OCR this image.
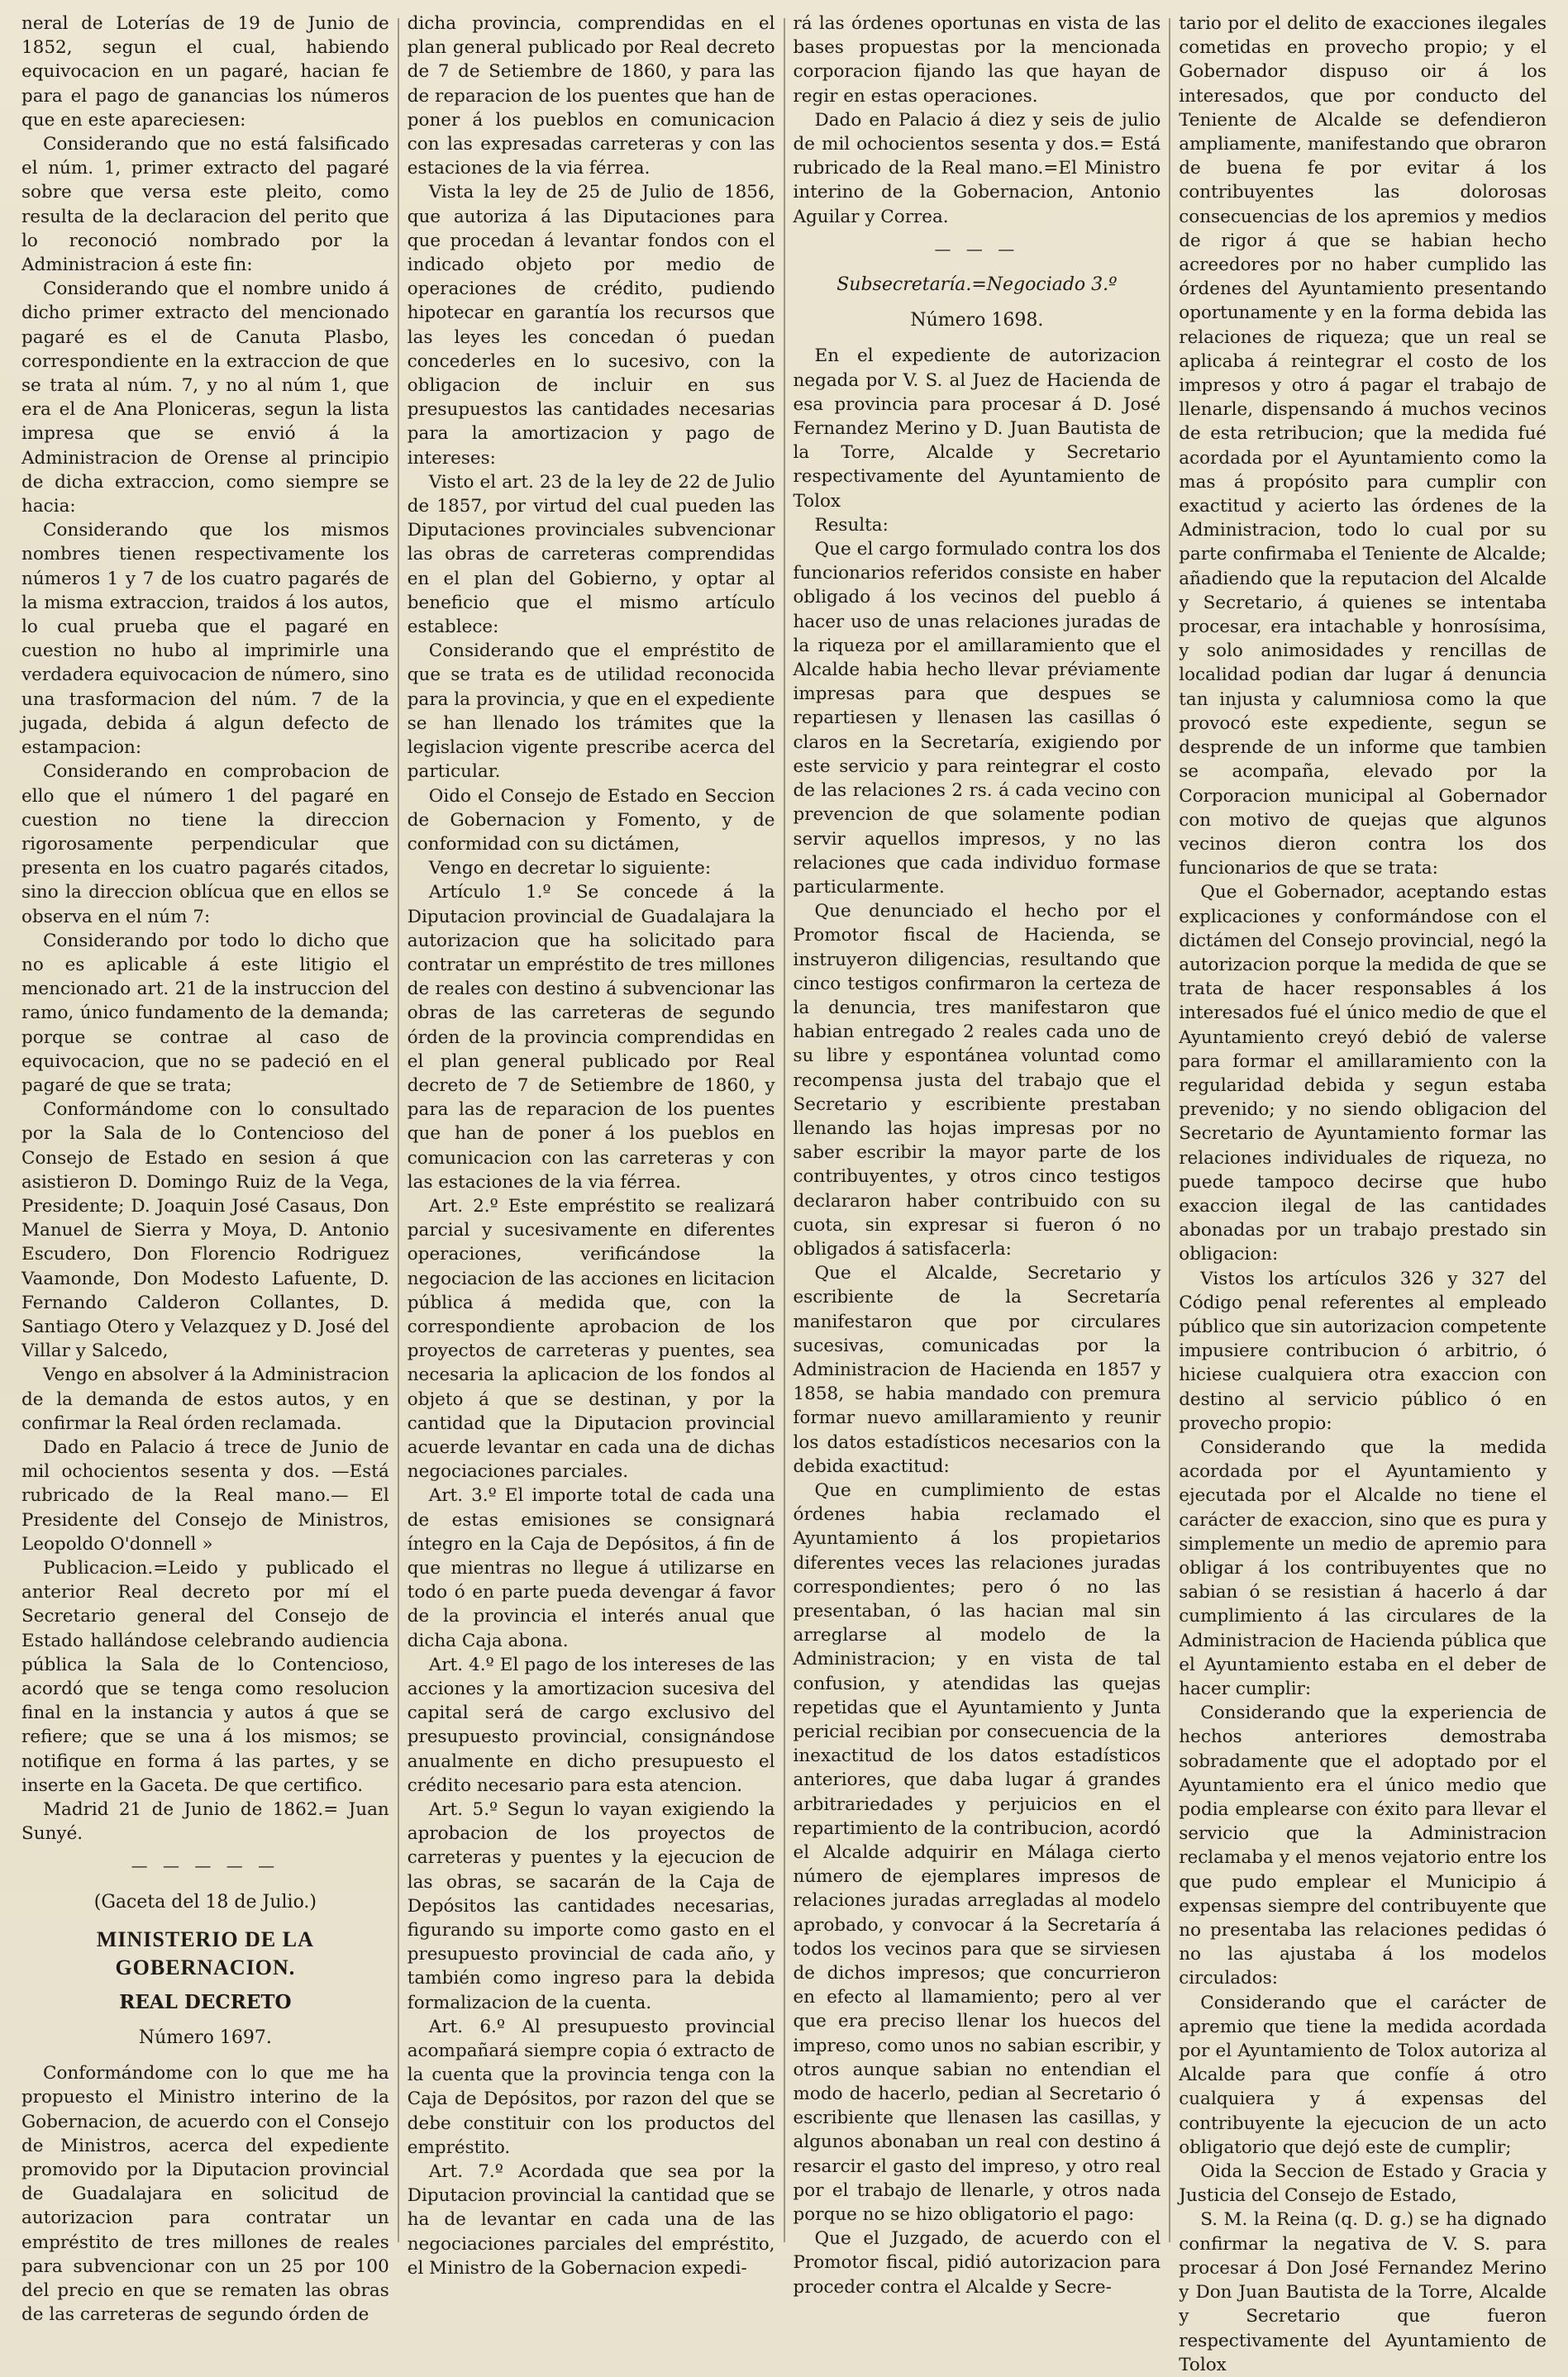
neral de Loterías de 19 de Junio de 1852, segun el cual, habiendo equivocacion en un pagaré, hacian fe para el pago de ganancias los números que en este apareciesen:

Considerando que no está falsificado el núm. 1, primer extracto del pagaré sobre que versa este pleito, como resulta de la declaracion del perito que lo reconoció nombrado por la Administracion á este fin:

Considerando que el nombre unido á dicho primer extracto del mencionado pagaré es el de Canuta Plasbo, correspondiente en la extraccion de que se trata al núm. 7, y no al núm 1, que era el de Ana Ploniceras, segun la lista impresa que se envió á la Administracion de Orense al principio de dicha extraccion, como siempre se hacia:

Considerando que los mismos nombres tienen respectivamente los números 1 y 7 de los cuatro pagarés de la misma extraccion, traidos á los autos, lo cual prueba que el pagaré en cuestion no hubo al imprimirle una verdadera equivocacion de número, sino una trasformacion del núm. 7 de la jugada, debida á algun defecto de estampacion:

Considerando en comprobacion de ello que el número 1 del pagaré en cuestion no tiene la direccion rigorosamente perpendicular que presenta en los cuatro pagarés citados, sino la direccion oblícua que en ellos se observa en el núm 7:

Considerando por todo lo dicho que no es aplicable á este litigio el mencionado art. 21 de la instruccion del ramo, único fundamento de la demanda; porque se contrae al caso de equivocacion, que no se padeció en el pagaré de que se trata;

Conformándome con lo consultado por la Sala de lo Contencioso del Consejo de Estado en sesion á que asistieron D. Domingo Ruiz de la Vega, Presidente; D. Joaquin José Casaus, Don Manuel de Sierra y Moya, D. Antonio Escudero, Don Florencio Rodriguez Vaamonde, Don Modesto Lafuente, D. Fernando Calderon Collantes, D. Santiago Otero y Velazquez y D. José del Villar y Salcedo,

Vengo en absolver á la Administracion de la demanda de estos autos, y en confirmar la Real órden reclamada.

Dado en Palacio á trece de Junio de mil ochocientos sesenta y dos. —Está rubricado de la Real mano.— El Presidente del Consejo de Ministros, Leopoldo O'donnell »

Publicacion.=Leido y publicado el anterior Real decreto por mí el Secretario general del Consejo de Estado hallándose celebrando audiencia pública la Sala de lo Contencioso, acordó que se tenga como resolucion final en la instancia y autos á que se refiere; que se una á los mismos; se notifique en forma á las partes, y se inserte en la Gaceta. De que certifico.

Madrid 21 de Junio de 1862.= Juan Sunyé.

— — — — —

(Gaceta del 18 de Julio.)

MINISTERIO DE LA GOBERNACION.

REAL DECRETO

Número 1697.

Conformándome con lo que me ha propuesto el Ministro interino de la Gobernacion, de acuerdo con el Consejo de Ministros, acerca del expediente promovido por la Diputacion provincial de Guadalajara en solicitud de autorizacion para contratar un empréstito de tres millones de reales para subvencionar con un 25 por 100 del precio en que se rematen las obras de las carreteras de segundo órden de

dicha provincia, comprendidas en el plan general publicado por Real decreto de 7 de Setiembre de 1860, y para las de reparacion de los puentes que han de poner á los pueblos en comunicacion con las expresadas carreteras y con las estaciones de la via férrea.

Vista la ley de 25 de Julio de 1856, que autoriza á las Diputaciones para que procedan á levantar fondos con el indicado objeto por medio de operaciones de crédito, pudiendo hipotecar en garantía los recursos que las leyes les concedan ó puedan concederles en lo sucesivo, con la obligacion de incluir en sus presupuestos las cantidades necesarias para la amortizacion y pago de intereses:

Visto el art. 23 de la ley de 22 de Julio de 1857, por virtud del cual pueden las Diputaciones provinciales subvencionar las obras de carreteras comprendidas en el plan del Gobierno, y optar al beneficio que el mismo artículo establece:

Considerando que el empréstito de que se trata es de utilidad reconocida para la provincia, y que en el expediente se han llenado los trámites que la legislacion vigente prescribe acerca del particular.

Oido el Consejo de Estado en Seccion de Gobernacion y Fomento, y de conformidad con su dictámen,

Vengo en decretar lo siguiente:

Artículo 1.º Se concede á la Diputacion provincial de Guadalajara la autorizacion que ha solicitado para contratar un empréstito de tres millones de reales con destino á subvencionar las obras de las carreteras de segundo órden de la provincia comprendidas en el plan general publicado por Real decreto de 7 de Setiembre de 1860, y para las de reparacion de los puentes que han de poner á los pueblos en comunicacion con las carreteras y con las estaciones de la via férrea.

Art. 2.º Este empréstito se realizará parcial y sucesivamente en diferentes operaciones, verificándose la negociacion de las acciones en licitacion pública á medida que, con la correspondiente aprobacion de los proyectos de carreteras y puentes, sea necesaria la aplicacion de los fondos al objeto á que se destinan, y por la cantidad que la Diputacion provincial acuerde levantar en cada una de dichas negociaciones parciales.

Art. 3.º El importe total de cada una de estas emisiones se consignará íntegro en la Caja de Depósitos, á fin de que mientras no llegue á utilizarse en todo ó en parte pueda devengar á favor de la provincia el interés anual que dicha Caja abona.

Art. 4.º El pago de los intereses de las acciones y la amortizacion sucesiva del capital será de cargo exclusivo del presupuesto provincial, consignándose anualmente en dicho presupuesto el crédito necesario para esta atencion.

Art. 5.º Segun lo vayan exigiendo la aprobacion de los proyectos de carreteras y puentes y la ejecucion de las obras, se sacarán de la Caja de Depósitos las cantidades necesarias, figurando su importe como gasto en el presupuesto provincial de cada año, y también como ingreso para la debida formalizacion de la cuenta.

Art. 6.º Al presupuesto provincial acompañará siempre copia ó extracto de la cuenta que la provincia tenga con la Caja de Depósitos, por razon del que se debe constituir con los productos del empréstito.

Art. 7.º Acordada que sea por la Diputacion provincial la cantidad que se ha de levantar en cada una de las negociaciones parciales del empréstito, el Ministro de la Gobernacion expedi-

rá las órdenes oportunas en vista de las bases propuestas por la mencionada corporacion fijando las que hayan de regir en estas operaciones.

Dado en Palacio á diez y seis de julio de mil ochocientos sesenta y dos.= Está rubricado de la Real mano.=El Ministro interino de la Gobernacion, Antonio Aguilar y Correa.

— — —

Subsecretaría.=Negociado 3.º

Número 1698.

En el expediente de autorizacion negada por V. S. al Juez de Hacienda de esa provincia para procesar á D. José Fernandez Merino y D. Juan Bautista de la Torre, Alcalde y Secretario respectivamente del Ayuntamiento de Tolox

Resulta:

Que el cargo formulado contra los dos funcionarios referidos consiste en haber obligado á los vecinos del pueblo á hacer uso de unas relaciones juradas de la riqueza por el amillaramiento que el Alcalde habia hecho llevar préviamente impresas para que despues se repartiesen y llenasen las casillas ó claros en la Secretaría, exigiendo por este servicio y para reintegrar el costo de las relaciones 2 rs. á cada vecino con prevencion de que solamente podian servir aquellos impresos, y no las relaciones que cada individuo formase particularmente.

Que denunciado el hecho por el Promotor fiscal de Hacienda, se instruyeron diligencias, resultando que cinco testigos confirmaron la certeza de la denuncia, tres manifestaron que habian entregado 2 reales cada uno de su libre y espontánea voluntad como recompensa justa del trabajo que el Secretario y escribiente prestaban llenando las hojas impresas por no saber escribir la mayor parte de los contribuyentes, y otros cinco testigos declararon haber contribuido con su cuota, sin expresar si fueron ó no obligados á satisfacerla:

Que el Alcalde, Secretario y escribiente de la Secretaría manifestaron que por circulares sucesivas, comunicadas por la Administracion de Hacienda en 1857 y 1858, se habia mandado con premura formar nuevo amillaramiento y reunir los datos estadísticos necesarios con la debida exactitud:

Que en cumplimiento de estas órdenes habia reclamado el Ayuntamiento á los propietarios diferentes veces las relaciones juradas correspondientes; pero ó no las presentaban, ó las hacian mal sin arreglarse al modelo de la Administracion; y en vista de tal confusion, y atendidas las quejas repetidas que el Ayuntamiento y Junta pericial recibian por consecuencia de la inexactitud de los datos estadísticos anteriores, que daba lugar á grandes arbitrariedades y perjuicios en el repartimiento de la contribucion, acordó el Alcalde adquirir en Málaga cierto número de ejemplares impresos de relaciones juradas arregladas al modelo aprobado, y convocar á la Secretaría á todos los vecinos para que se sirviesen de dichos impresos; que concurrieron en efecto al llamamiento; pero al ver que era preciso llenar los huecos del impreso, como unos no sabian escribir, y otros aunque sabian no entendian el modo de hacerlo, pedian al Secretario ó escribiente que llenasen las casillas, y algunos abonaban un real con destino á resarcir el gasto del impreso, y otro real por el trabajo de llenarle, y otros nada porque no se hizo obligatorio el pago:

Que el Juzgado, de acuerdo con el Promotor fiscal, pidió autorizacion para proceder contra el Alcalde y Secre-

tario por el delito de exacciones ilegales cometidas en provecho propio; y el Gobernador dispuso oir á los interesados, que por conducto del Teniente de Alcalde se defendieron ampliamente, manifestando que obraron de buena fe por evitar á los contribuyentes las dolorosas consecuencias de los apremios y medios de rigor á que se habian hecho acreedores por no haber cumplido las órdenes del Ayuntamiento presentando oportunamente y en la forma debida las relaciones de riqueza; que un real se aplicaba á reintegrar el costo de los impresos y otro á pagar el trabajo de llenarle, dispensando á muchos vecinos de esta retribucion; que la medida fué acordada por el Ayuntamiento como la mas á propósito para cumplir con exactitud y acierto las órdenes de la Administracion, todo lo cual por su parte confirmaba el Teniente de Alcalde; añadiendo que la reputacion del Alcalde y Secretario, á quienes se intentaba procesar, era intachable y honrosísima, y solo animosidades y rencillas de localidad podian dar lugar á denuncia tan injusta y calumniosa como la que provocó este expediente, segun se desprende de un informe que tambien se acompaña, elevado por la Corporacion municipal al Gobernador con motivo de quejas que algunos vecinos dieron contra los dos funcionarios de que se trata:

Que el Gobernador, aceptando estas explicaciones y conformándose con el dictámen del Consejo provincial, negó la autorizacion porque la medida de que se trata de hacer responsables á los interesados fué el único medio de que el Ayuntamiento creyó debió de valerse para formar el amillaramiento con la regularidad debida y segun estaba prevenido; y no siendo obligacion del Secretario de Ayuntamiento formar las relaciones individuales de riqueza, no puede tampoco decirse que hubo exaccion ilegal de las cantidades abonadas por un trabajo prestado sin obligacion:

Vistos los artículos 326 y 327 del Código penal referentes al empleado público que sin autorizacion competente impusiere contribucion ó arbitrio, ó hiciese cualquiera otra exaccion con destino al servicio público ó en provecho propio:

Considerando que la medida acordada por el Ayuntamiento y ejecutada por el Alcalde no tiene el carácter de exaccion, sino que es pura y simplemente un medio de apremio para obligar á los contribuyentes que no sabian ó se resistian á hacerlo á dar cumplimiento á las circulares de la Administracion de Hacienda pública que el Ayuntamiento estaba en el deber de hacer cumplir:

Considerando que la experiencia de hechos anteriores demostraba sobradamente que el adoptado por el Ayuntamiento era el único medio que podia emplearse con éxito para llevar el servicio que la Administracion reclamaba y el menos vejatorio entre los que pudo emplear el Municipio á expensas siempre del contribuyente que no presentaba las relaciones pedidas ó no las ajustaba á los modelos circulados:

Considerando que el carácter de apremio que tiene la medida acordada por el Ayuntamiento de Tolox autoriza al Alcalde para que confíe á otro cualquiera y á expensas del contribuyente la ejecucion de un acto obligatorio que dejó este de cumplir;

Oida la Seccion de Estado y Gracia y Justicia del Consejo de Estado,

S. M. la Reina (q. D. g.) se ha dignado confirmar la negativa de V. S. para procesar á Don José Fernandez Merino y Don Juan Bautista de la Torre, Alcalde y Secretario que fueron respectivamente del Ayuntamiento de Tolox
